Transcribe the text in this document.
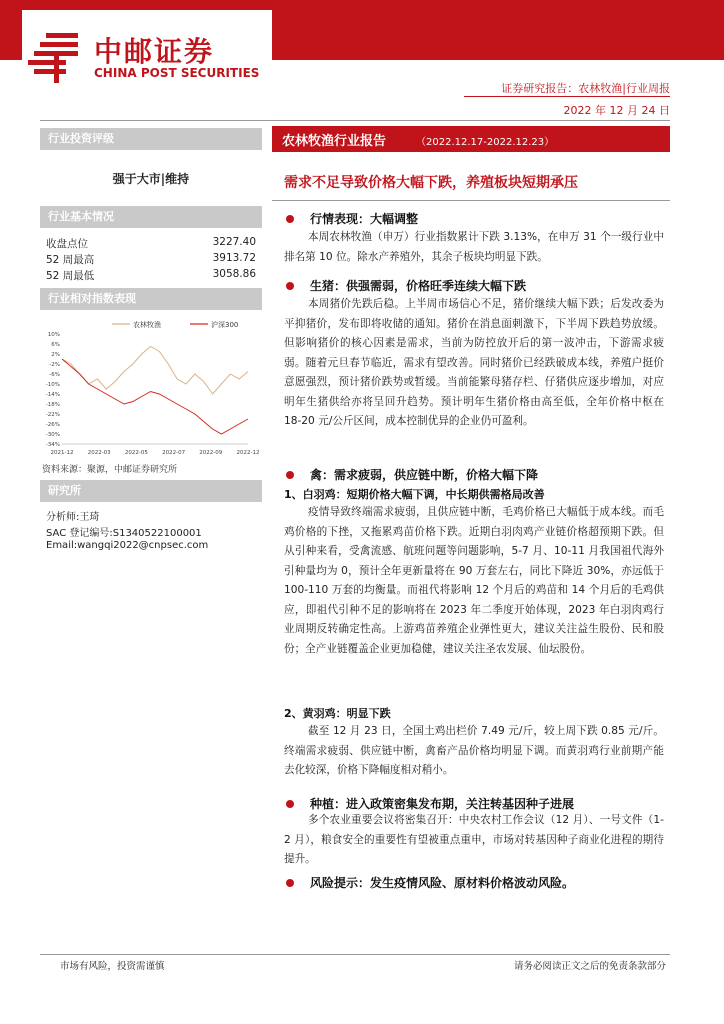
中邮证券
CHINA POST SECURITIES
证券研究报告：农林牧渔|行业周报
2022 年 12 月 24 日
行业投资评级
强于大市|维持
行业基本情况
收盘点位	3227.40
52 周最高	3913.72
52 周最低	3058.86
行业相对指数表现
农林牧渔	沪深300
10%
6%
2%
-2%
-6%
-10%
-14%
-18%
-22%
-26%
-30%
-34%
2021-12	2022-03	2022-05	2022-07	2022-09	2022-12
资料来源：聚源，中邮证券研究所
研究所
分析师:王琦
SAC 登记编号:S1340522100001
Email:wangqi2022@cnpsec.com
农林牧渔行业报告	（2022.12.17-2022.12.23）
需求不足导致价格大幅下跌，养殖板块短期承压
行情表现：大幅调整
本周农林牧渔（申万）行业指数累计下跌 3.13%，在申万 31 个一级行业中排名第 10 位。除水产养殖外，其余子板块均明显下跌。
生猪：供强需弱，价格旺季连续大幅下跌
本周猪价先跌后稳。上半周市场信心不足，猪价继续大幅下跌；后发改委为平抑猪价，发布即将收储的通知。猪价在消息面刺激下，下半周下跌趋势放缓。但影响猪价的核心因素是需求，当前为防控放开后的第一波冲击，下游需求疲弱。随着元旦春节临近，需求有望改善。同时猪价已经跌破成本线，养殖户挺价意愿强烈，预计猪价跌势或暂缓。当前能繁母猪存栏、仔猪供应逐步增加，对应明年生猪供给亦将呈回升趋势。预计明年生猪价格由高至低，全年价格中枢在 18-20 元/公斤区间，成本控制优异的企业仍可盈利。
禽：需求疲弱，供应链中断，价格大幅下降
1、白羽鸡：短期价格大幅下调，中长期供需格局改善
疫情导致终端需求疲弱，且供应链中断，毛鸡价格已大幅低于成本线。而毛鸡价格的下挫，又拖累鸡苗价格下跌。近期白羽肉鸡产业链价格超预期下跌。但从引种来看，受禽流感、航班问题等问题影响，5-7 月、10-11 月我国祖代海外引种量均为 0，预计全年更新量将在 90 万套左右，同比下降近 30%，亦远低于 100-110 万套的均衡量。而祖代将影响 12 个月后的鸡苗和 14 个月后的毛鸡供应，即祖代引种不足的影响将在 2023 年二季度开始体现，2023 年白羽肉鸡行业周期反转确定性高。上游鸡苗养殖企业弹性更大，建议关注益生股份、民和股份；全产业链覆盖企业更加稳健，建议关注圣农发展、仙坛股份。
2、黄羽鸡：明显下跌
截至 12 月 23 日，全国土鸡出栏价 7.49 元/斤，较上周下跌 0.85 元/斤。终端需求疲弱、供应链中断，禽畜产品价格均明显下调。而黄羽鸡行业前期产能去化较深，价格下降幅度相对稍小。
种植：进入政策密集发布期，关注转基因种子进展
多个农业重要会议将密集召开：中央农村工作会议（12 月）、一号文件（1-2 月），粮食安全的重要性有望被重点重申，市场对转基因种子商业化进程的期待提升。
风险提示：发生疫情风险、原材料价格波动风险。
市场有风险，投资需谨慎	请务必阅读正文之后的免责条款部分
